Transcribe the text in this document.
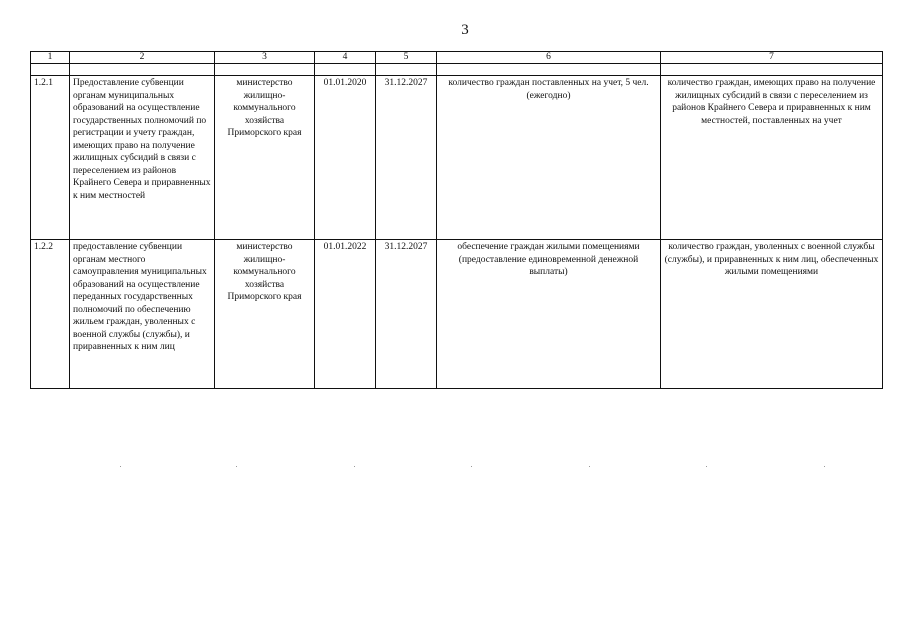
3
1	2	3	4	5	6	7

1.2.1	Предоставление субвенции органам муниципальных образований на осуществление государственных полномочий по регистрации и учету граждан, имеющих право на получение жилищных субсидий в связи с переселением из районов Крайнего Севера и приравненных к ним местностей	министерство жилищно-коммунального хозяйства Приморского края	01.01.2020	31.12.2027	количество граждан поставленных на учет, 5 чел. (ежегодно)	количество граждан, имеющих право на получение жилищных субсидий в связи с переселением из районов Крайнего Севера и приравненных к ним местностей, поставленных на учет
1.2.2	предоставление субвенции органам местного самоуправления муниципальных образований на осуществление переданных государственных полномочий по обеспечению жильем граждан, уволенных с военной службы (службы), и приравненных к ним лиц	министерство жилищно-коммунального хозяйства Приморского края	01.01.2022	31.12.2027	обеспечение граждан жилыми помещениями (предоставление единовременной денежной выплаты)	количество граждан, уволенных с военной службы (службы), и приравненных к ним лиц, обеспеченных жилыми помещениями
